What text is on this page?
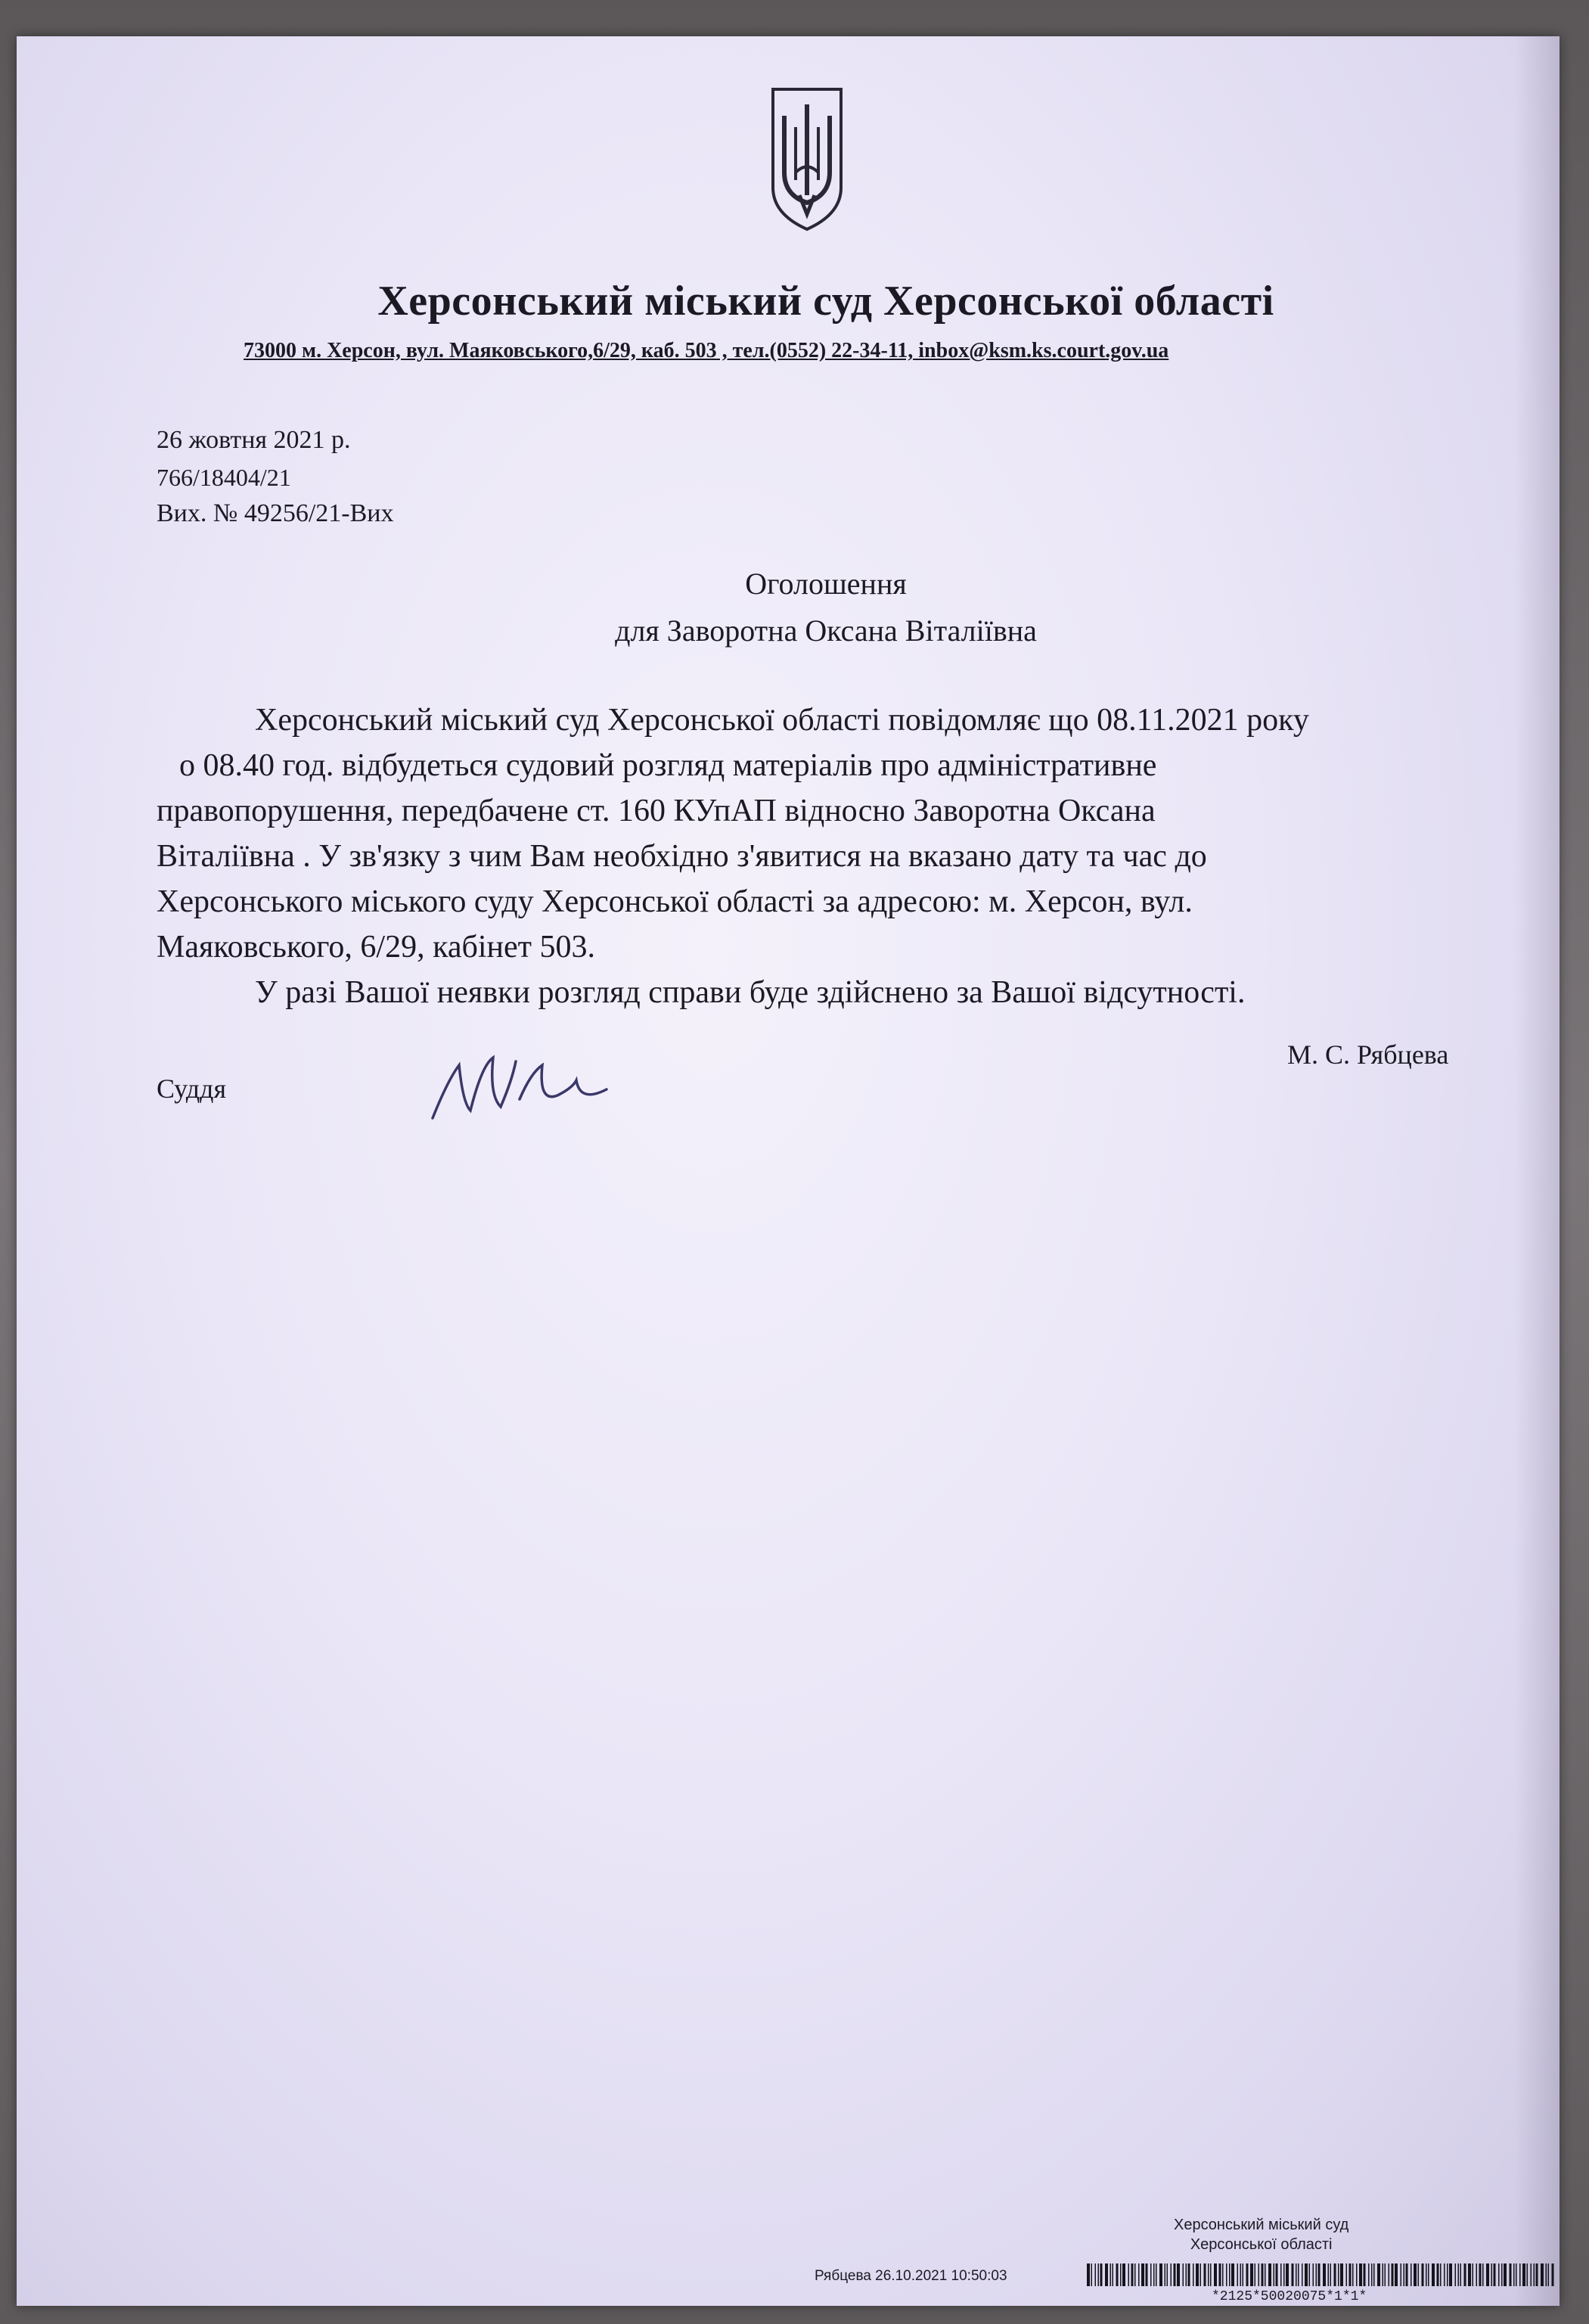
Херсонський міський суд Херсонської області
73000 м. Херсон, вул. Маяковського,6/29, каб. 503 , тел.(0552) 22-34-11, inbox@ksm.ks.court.gov.ua
26 жовтня 2021 р.
766/18404/21
Вих. № 49256/21-Вих
Оголошення
для Заворотна Оксана Віталіївна
Херсонський міський суд Херсонської області повідомляє що 08.11.2021 року
о 08.40 год. відбудеться судовий розгляд матеріалів про адміністративне
правопорушення, передбачене ст. 160 КУпАП відносно Заворотна Оксана
Віталіївна . У зв'язку з чим Вам необхідно з'явитися на вказано дату та час до
Херсонського міського суду Херсонської області за адресою: м. Херсон, вул.
Маяковського, 6/29, кабінет 503.
У разі Вашої неявки розгляд справи буде здійснено за Вашої відсутності.
Суддя
М. С. Рябцева
Херсонський міський суд
Херсонської області
Рябцева 26.10.2021 10:50:03
*2125*50020075*1*1*
